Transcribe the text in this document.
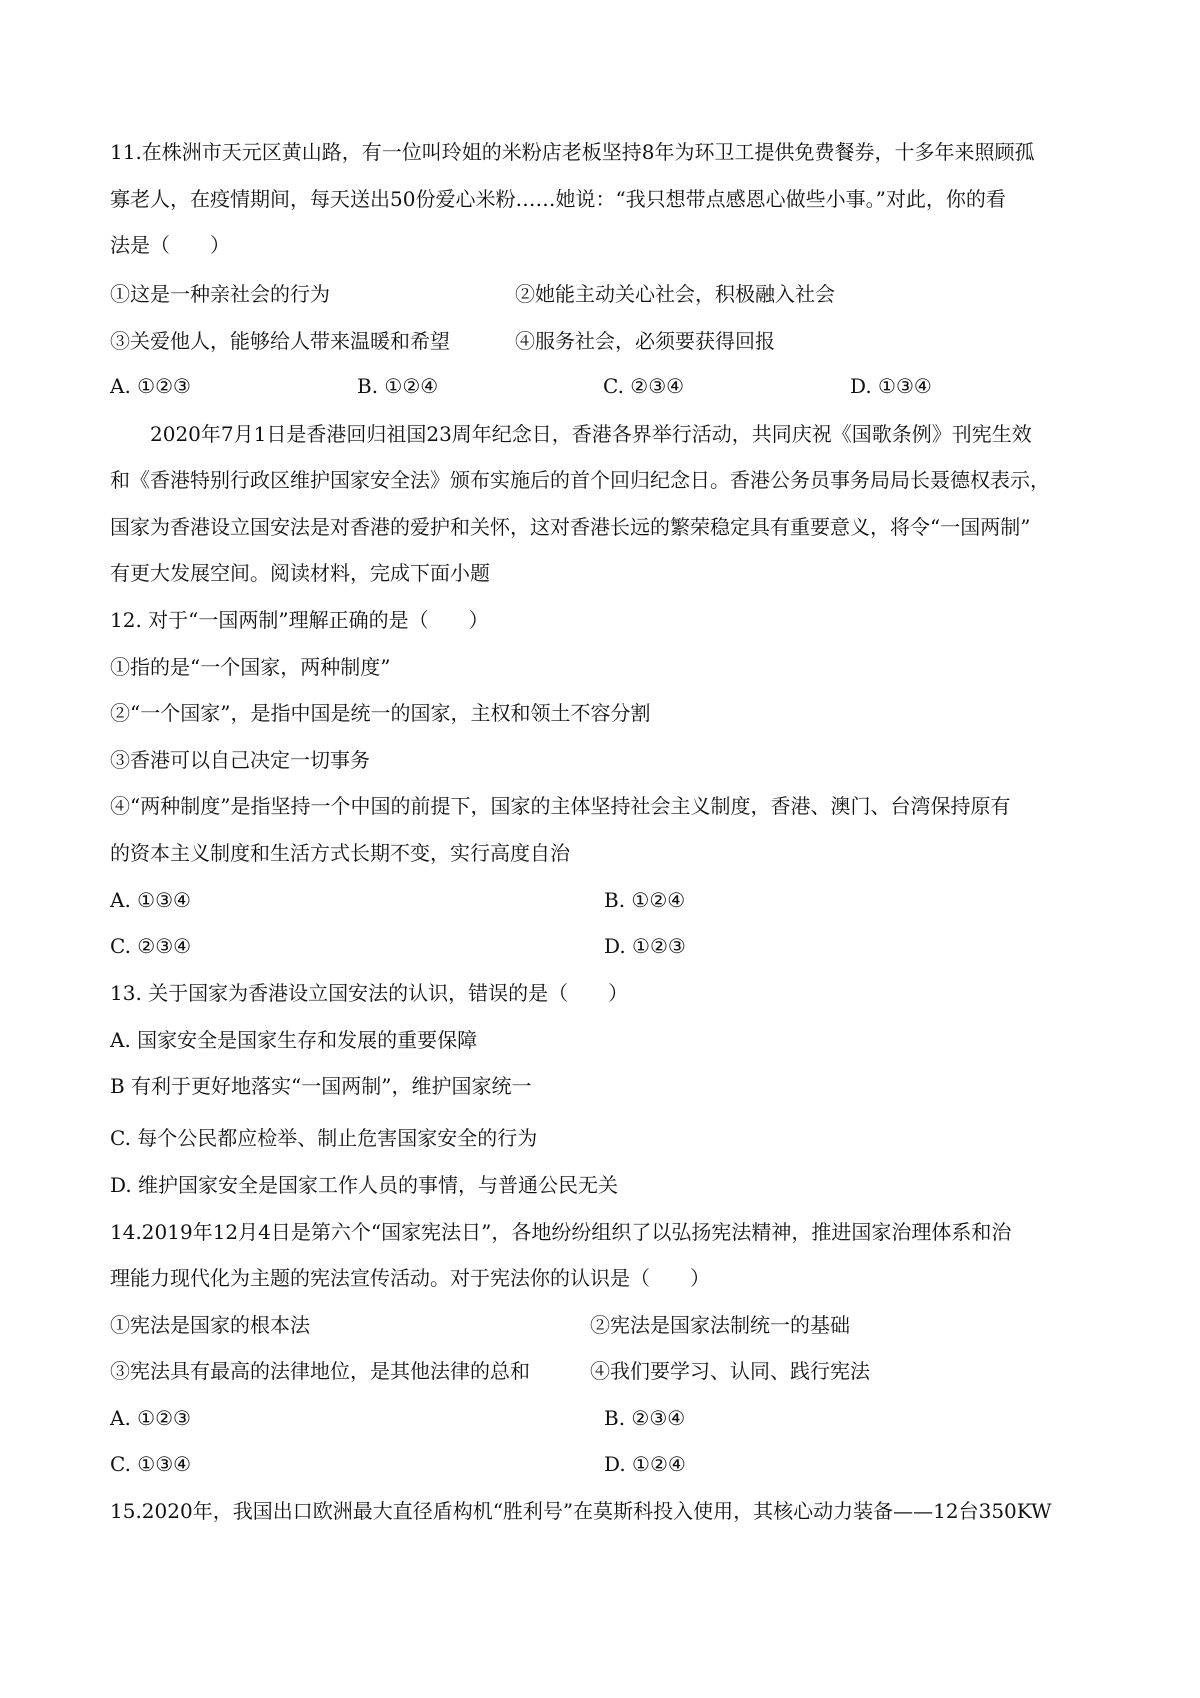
11.在株洲市天元区黄山路，有一位叫玲姐的米粉店老板坚持8年为环卫工提供免费餐券，十多年来照顾孤
寡老人，在疫情期间，每天送出50份爱心米粉……她说：“我只想带点感恩心做些小事。”对此，你的看
法是（　　）
①这是一种亲社会的行为	②她能主动关心社会，积极融入社会
③关爱他人，能够给人带来温暖和希望	④服务社会，必须要获得回报
A. ①②③	B. ①②④	C. ②③④	D. ①③④
2020年7月1日是香港回归祖国23周年纪念日，香港各界举行活动，共同庆祝《国歌条例》刊宪生效
和《香港特别行政区维护国家安全法》颁布实施后的首个回归纪念日。香港公务员事务局局长聂德权表示，
国家为香港设立国安法是对香港的爱护和关怀，这对香港长远的繁荣稳定具有重要意义，将令“一国两制”
有更大发展空间。阅读材料，完成下面小题
12. 对于“一国两制”理解正确的是（　　）
①指的是“一个国家，两种制度”
②“一个国家”，是指中国是统一的国家，主权和领土不容分割
③香港可以自己决定一切事务
④“两种制度”是指坚持一个中国的前提下，国家的主体坚持社会主义制度，香港、澳门、台湾保持原有
的资本主义制度和生活方式长期不变，实行高度自治
A. ①③④	B. ①②④
C. ②③④	D. ①②③
13. 关于国家为香港设立国安法的认识，错误的是（　　）
A. 国家安全是国家生存和发展的重要保障
B 有利于更好地落实“一国两制”，维护国家统一
C. 每个公民都应检举、制止危害国家安全的行为
D. 维护国家安全是国家工作人员的事情，与普通公民无关
14.2019年12月4日是第六个“国家宪法日”，各地纷纷组织了以弘扬宪法精神，推进国家治理体系和治
理能力现代化为主题的宪法宣传活动。对于宪法你的认识是（　　）
①宪法是国家的根本法	②宪法是国家法制统一的基础
③宪法具有最高的法律地位，是其他法律的总和	④我们要学习、认同、践行宪法
A. ①②③	B. ②③④
C. ①③④	D. ①②④
15.2020年，我国出口欧洲最大直径盾构机“胜利号”在莫斯科投入使用，其核心动力装备——12台350KW
